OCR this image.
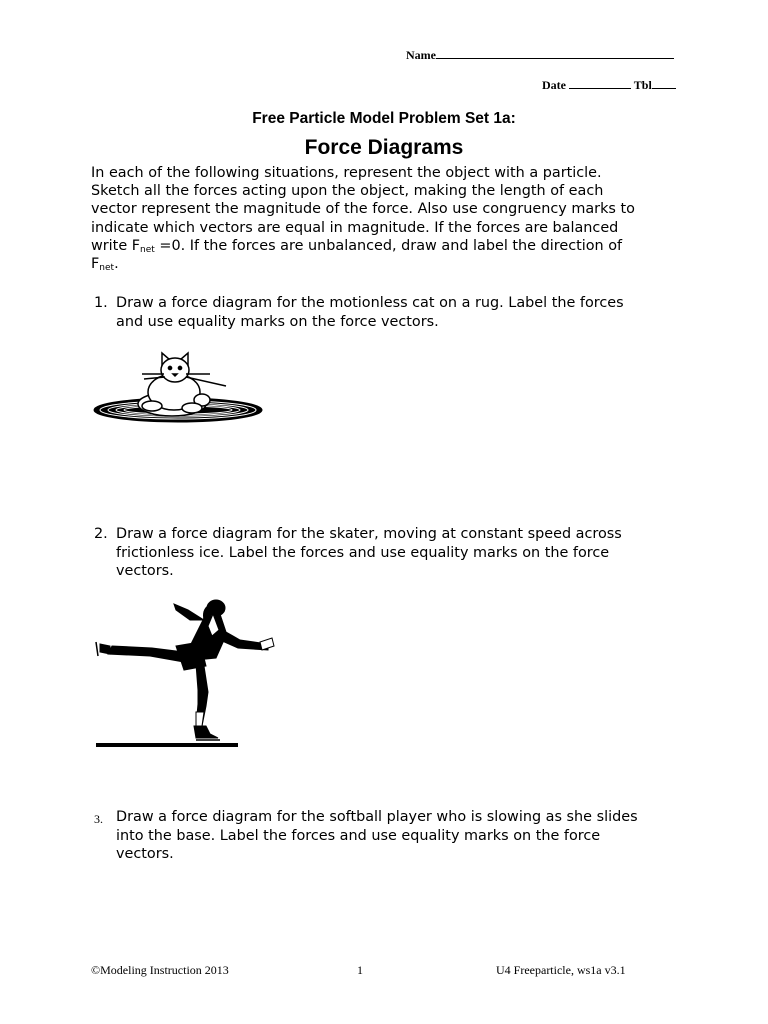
Name
Date	Tbl
Free Particle Model Problem Set 1a:
Force Diagrams
In each of the following situations, represent the object with a particle.
Sketch all the forces acting upon the object, making the length of each
vector represent the magnitude of the force. Also use congruency marks to
indicate which vectors are equal in magnitude. If the forces are balanced
write $F_{net} =0$. If the forces are unbalanced, draw and label the direction of
$F_{net}$.
1. Draw a force diagram for the motionless cat on a rug. Label the forces
and use equality marks on the force vectors.
2. Draw a force diagram for the skater, moving at constant speed across
frictionless ice. Label the forces and use equality marks on the force
vectors.
3. Draw a force diagram for the softball player who is slowing as she slides
into the base. Label the forces and use equality marks on the force
vectors.
©Modeling Instruction 2013	1	U4 Freeparticle, ws1a v3.1
